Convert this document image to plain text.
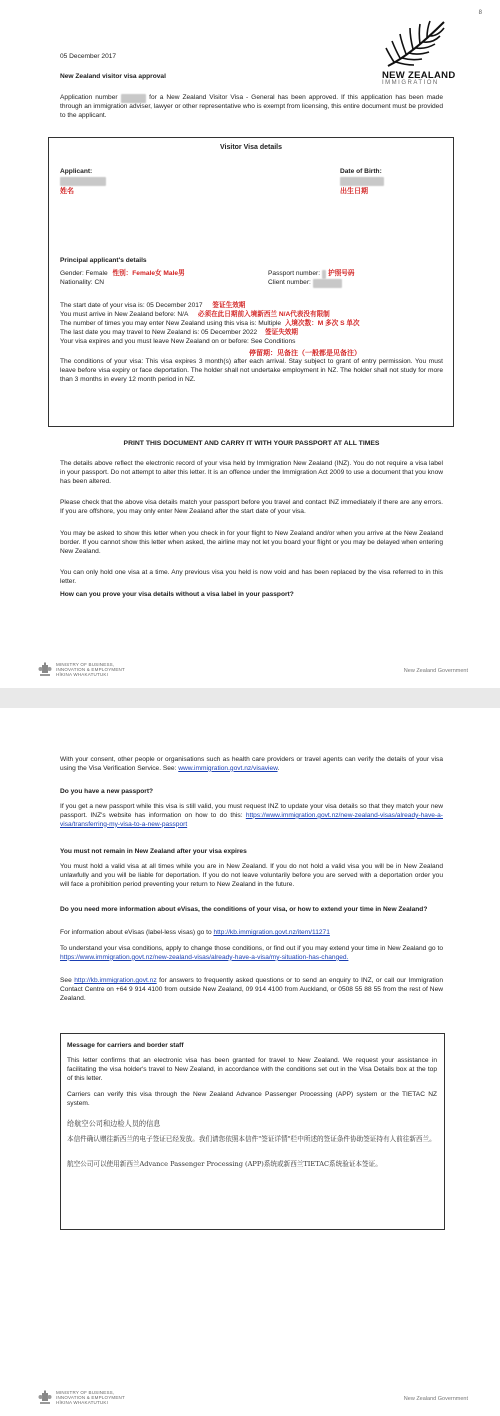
8
NEW ZEALAND
IMMIGRATION
05 December 2017
New Zealand visitor visa approval
Application number	for a New Zealand Visitor Visa - General has been approved. If this application has been made through an immigration adviser, lawyer or other representative who is exempt from licensing, this entire document must be provided to the applicant.
Visitor Visa details
Applicant:
姓名
Date of Birth:
出生日期
Principal applicant's details
Gender: Female 性别：Female女 Male男
Nationality: CN
Passport number:  护照号码
Client number:
The start date of your visa is: 05 December 2017 签证生效期
You must arrive in New Zealand before: N/A 必须在此日期前入境新西兰 N/A代表没有限制
The number of times you may enter New Zealand using this visa is: Multiple 入境次数：M 多次 S 单次
The last date you may travel to New Zealand is: 05 December 2022 签证失效期
Your visa expires and you must leave New Zealand on or before: See Conditions
停留期：见备注（一般都是见备注）
The conditions of your visa: This visa expires 3 month(s) after each arrival. Stay subject to grant of entry permission. You must leave before visa expiry or face deportation. The holder shall not undertake employment in NZ. The holder shall not study for more than 3 months in every 12 month period in NZ.
PRINT THIS DOCUMENT AND CARRY IT WITH YOUR PASSPORT AT ALL TIMES
The details above reflect the electronic record of your visa held by Immigration New Zealand (INZ). You do not require a visa label in your passport. Do not attempt to alter this letter. It is an offence under the Immigration Act 2009 to use a document that you know has been altered.
Please check that the above visa details match your passport before you travel and contact INZ immediately if there are any errors. If you are offshore, you may only enter New Zealand after the start date of your visa.
You may be asked to show this letter when you check in for your flight to New Zealand and/or when you arrive at the New Zealand border. If you cannot show this letter when asked, the airline may not let you board your flight or you may be delayed when entering New Zealand.
You can only hold one visa at a time. Any previous visa you held is now void and has been replaced by the visa referred to in this letter.
How can you prove your visa details without a visa label in your passport?
MINISTRY OF BUSINESS,
INNOVATION & EMPLOYMENT
HĪKINA WHAKATUTUKI
New Zealand Government
With your consent, other people or organisations such as health care providers or travel agents can verify the details of your visa using the Visa Verification Service. See: www.immigration.govt.nz/visaview.
Do you have a new passport?
If you get a new passport while this visa is still valid, you must request INZ to update your visa details so that they match your new passport. INZ's website has information on how to do this: https://www.immigration.govt.nz/new-zealand-visas/already-have-a-visa/transferring-my-visa-to-a-new-passport
You must not remain in New Zealand after your visa expires
You must hold a valid visa at all times while you are in New Zealand. If you do not hold a valid visa you will be in New Zealand unlawfully and you will be liable for deportation. If you do not leave voluntarily before you are served with a deportation order you will face a prohibition period preventing your return to New Zealand in the future.
Do you need more information about eVisas, the conditions of your visa, or how to extend your time in New Zealand?
For information about eVisas (label-less visas) go to http://kb.immigration.govt.nz/item/11271
To understand your visa conditions, apply to change those conditions, or find out if you may extend your time in New Zealand go to https://www.immigration.govt.nz/new-zealand-visas/already-have-a-visa/my-situation-has-changed.
See http://kb.immigration.govt.nz for answers to frequently asked questions or to send an enquiry to INZ, or call our Immigration Contact Centre on +64 9 914 4100 from outside New Zealand, 09 914 4100 from Auckland, or 0508 55 88 55 from the rest of New Zealand.
Message for carriers and border staff
This letter confirms that an electronic visa has been granted for travel to New Zealand. We request your assistance in facilitating the visa holder's travel to New Zealand, in accordance with the conditions set out in the Visa Details box at the top of this letter.
Carriers can verify this visa through the New Zealand Advance Passenger Processing (APP) system or the TIETAC NZ system.
给航空公司和边检人员的信息
本信件确认赠往新西兰的电子签证已经发放。我们请您依照本信件"签证详情"栏中所述的签证条件协助签证持有人前往新西兰。
航空公司可以使用新西兰Advance Passenger Processing (APP)系统或新西兰TIETAC系统验证本签证。
MINISTRY OF BUSINESS,
INNOVATION & EMPLOYMENT
HĪKINA WHAKATUTUKI
New Zealand Government
